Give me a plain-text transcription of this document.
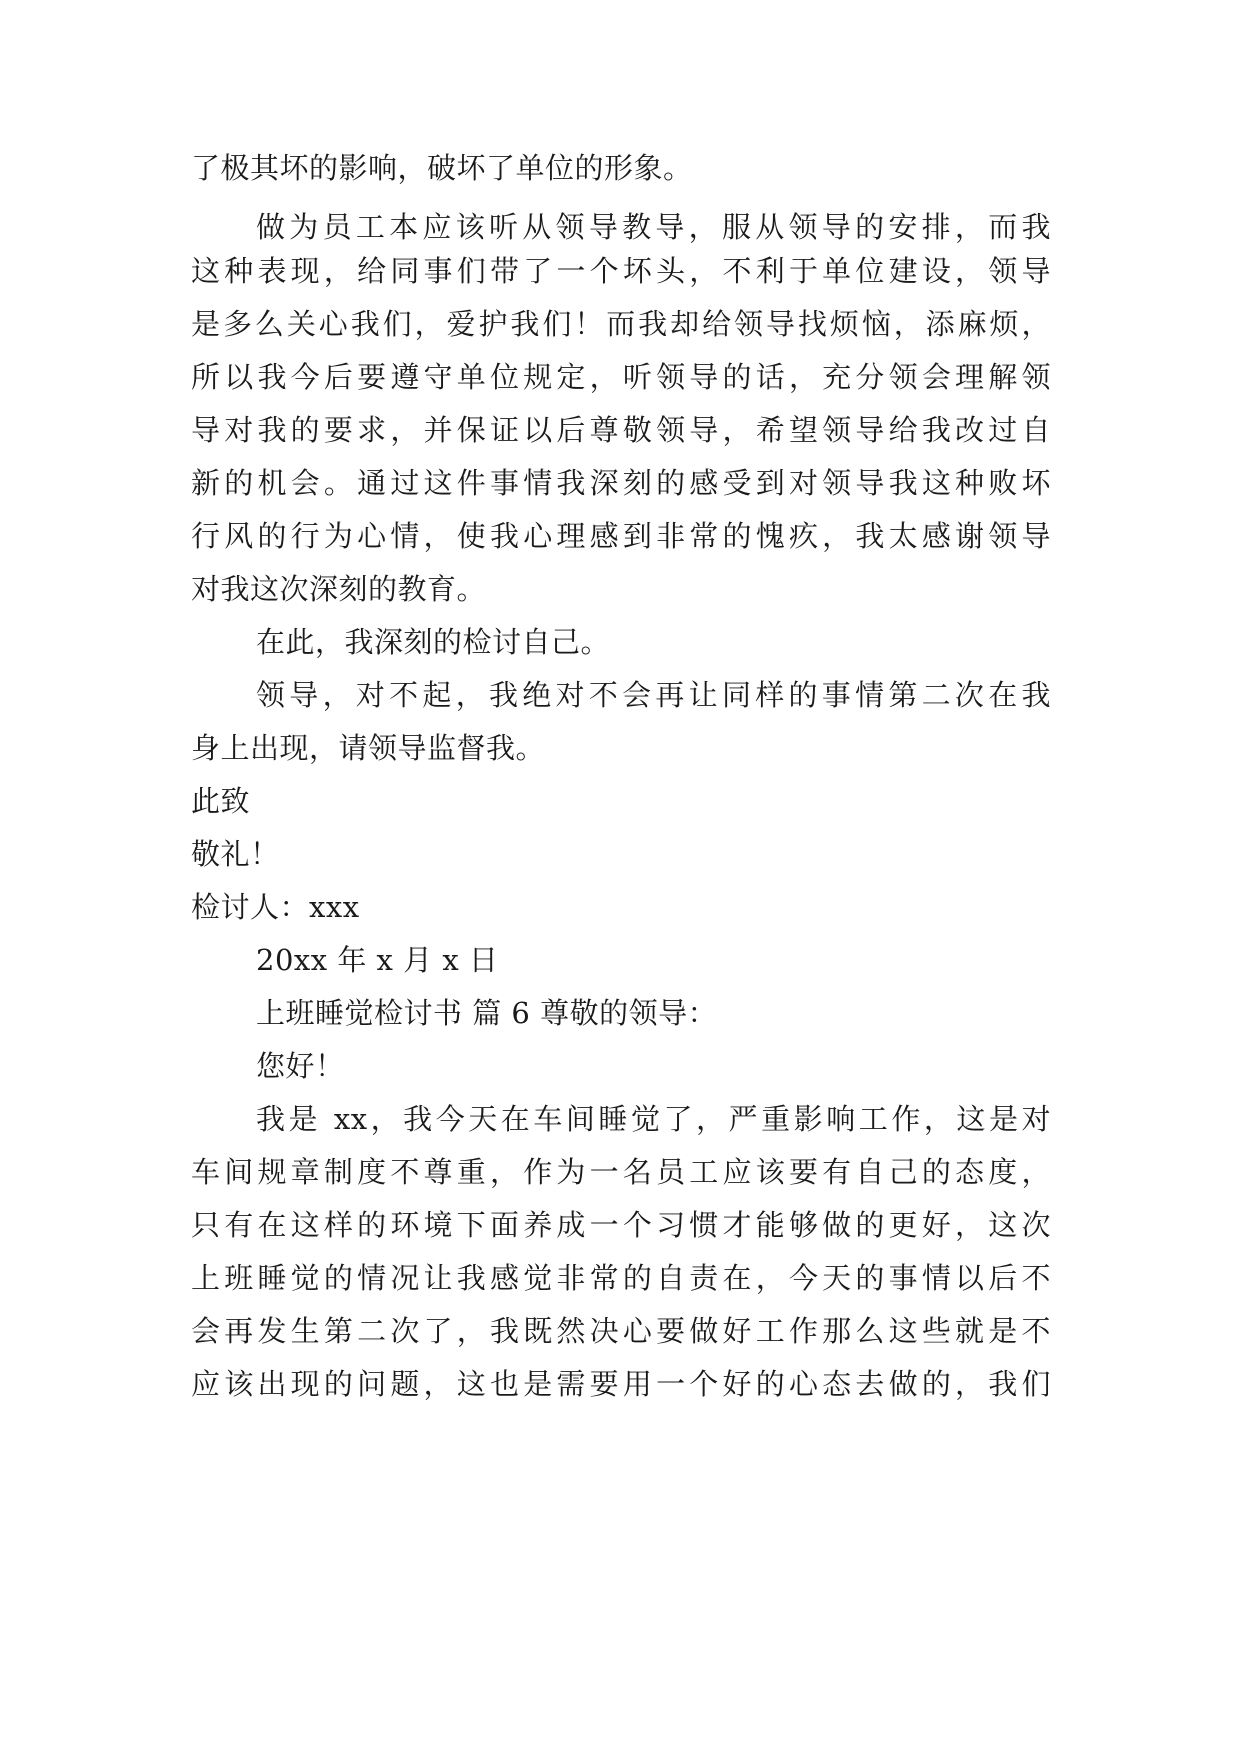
了极其坏的影响，破坏了单位的形象。
做为员工本应该听从领导教导，服从领导的安排，而我
这种表现，给同事们带了一个坏头，不利于单位建设，领导
是多么关心我们，爱护我们！而我却给领导找烦恼，添麻烦，
所以我今后要遵守单位规定，听领导的话，充分领会理解领
导对我的要求，并保证以后尊敬领导，希望领导给我改过自
新的机会。通过这件事情我深刻的感受到对领导我这种败坏
行风的行为心情，使我心理感到非常的愧疚，我太感谢领导
对我这次深刻的教育。
在此，我深刻的检讨自己。
领导，对不起，我绝对不会再让同样的事情第二次在我
身上出现，请领导监督我。
此致
敬礼！
检讨人：xxx
20xx 年 x 月 x 日
上班睡觉检讨书 篇 6 尊敬的领导：
您好！
我是 xx，我今天在车间睡觉了，严重影响工作，这是对
车间规章制度不尊重，作为一名员工应该要有自己的态度，
只有在这样的环境下面养成一个习惯才能够做的更好，这次
上班睡觉的情况让我感觉非常的自责在，今天的事情以后不
会再发生第二次了，我既然决心要做好工作那么这些就是不
应该出现的问题，这也是需要用一个好的心态去做的，我们
